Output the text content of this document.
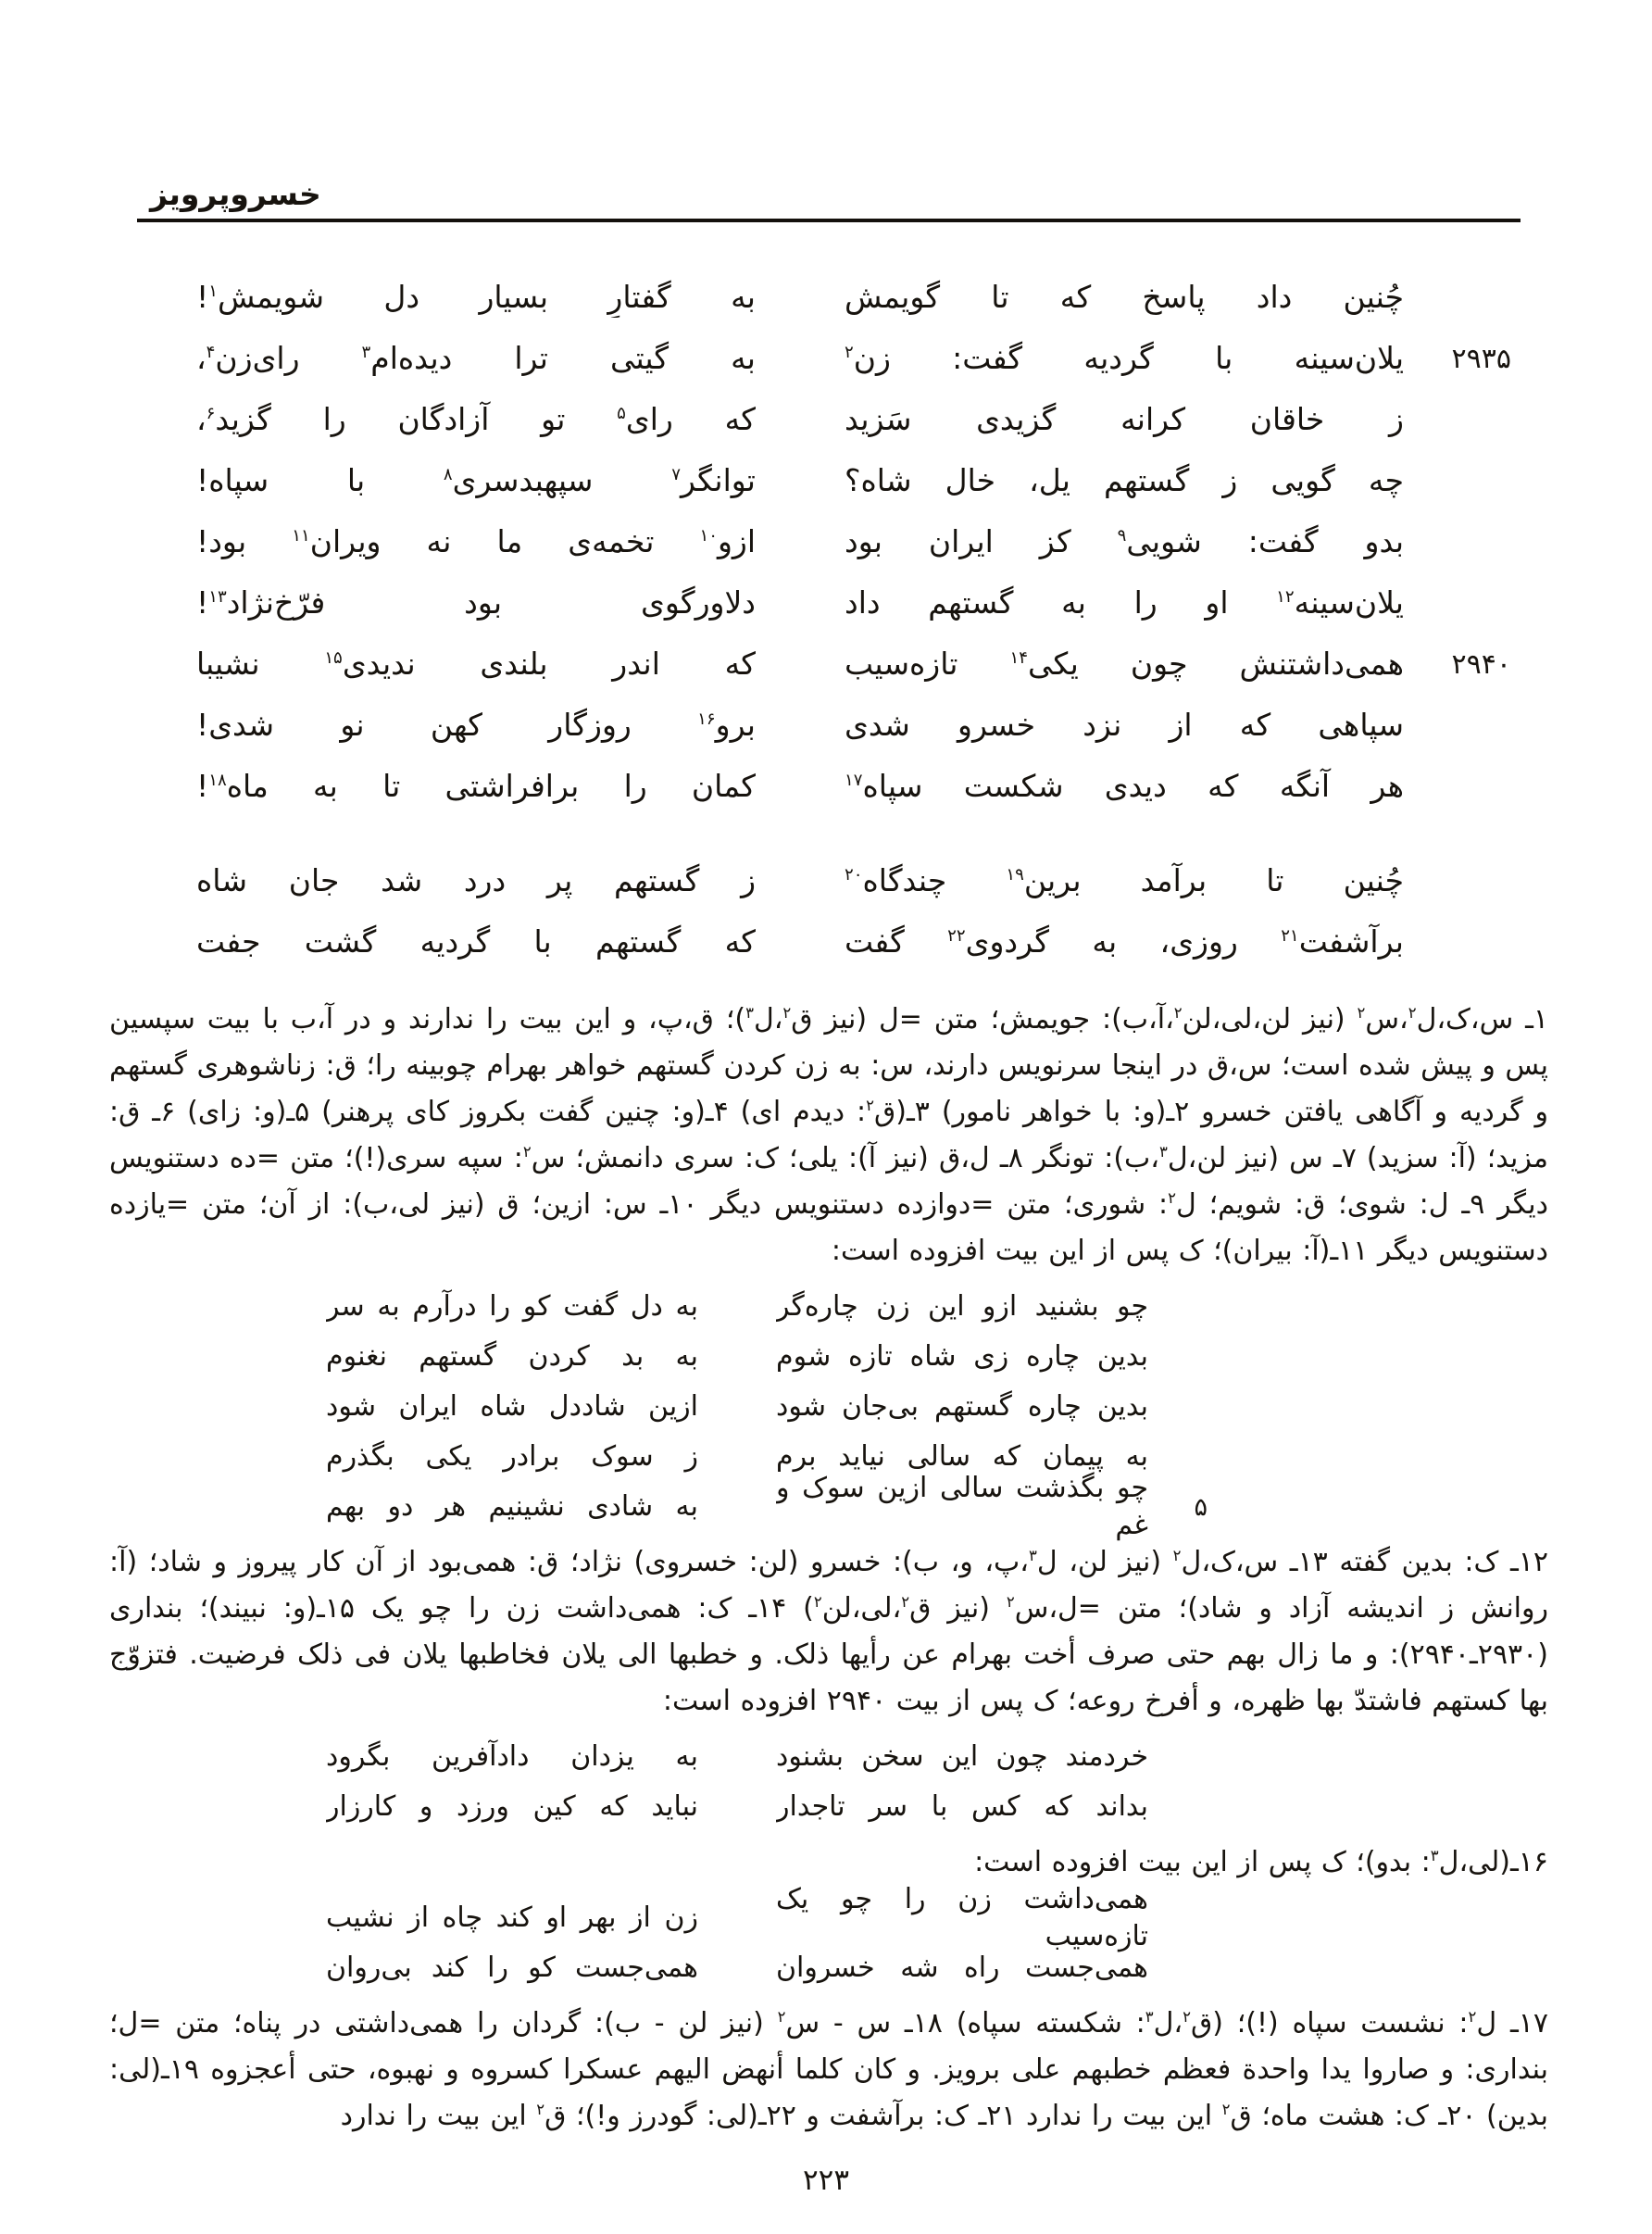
خسروپرویز
چُنین داد پاسخ که تا گویمش
به گفتارِ بسیار دل شویمش$^۱$!
۲۹۳۵
یلان‌سینه با گردیه گفت: زن$^۲$
به گیتی ترا دیده‌ام$^۳$ رای‌زن$^۴$،
ز خاقان کرانه گزیدی سَزید
که رای$^۵$ تو آزادگان را گزید$^۶$،
چه گویی ز گستهم یل، خال شاه؟
توانگر$^۷$ سپهبدسری$^۸$ با سپاه!
بدو گفت: شویی$^۹$ کز ایران بود
ازو$^{۱۰}$ تخمه‌ی ما نه ویران$^{۱۱}$ بود!
یلان‌سینه$^{۱۲}$ او را به گستهم داد
دلاورگوی بود فرّخ‌نژاد$^{۱۳}$!
۲۹۴۰
همی‌داشتنش چون یکی$^{۱۴}$ تازه‌سیب
که اندر بلندی ندیدی$^{۱۵}$ نشیبا
سپاهی که از نزد خسرو شدی
برو$^{۱۶}$ روزگار کهن نو شدی!
هر آنگه که دیدی شکست سپاه$^{۱۷}$
کمان را برافراشتی تا به ماه$^{۱۸}$!
چُنین تا برآمد برین$^{۱۹}$ چندگاه$^{۲۰}$
ز گستهم پر درد شد جان شاه
برآشفت$^{۲۱}$ روزی، به گردوی$^{۲۲}$ گفت
که گستهم با گردیه گشت جفت

۱ـ س،ک،ل$^۲$،س$^۲$ (نیز لن،لی،لن$^۲$،آ،ب): جویمش؛ متن =ل (نیز ق$^۲$،ل$^۳$)؛ ق،پ، و این بیت را ندارند و در آ،ب با بیت سپسین پس و پیش شده است؛ س،ق در اینجا سرنویس دارند، س: به زن کردن گستهم خواهر بهرام چوبینه را؛ ق: زناشوهری گستهم و گردیه و آگاهی یافتن خسرو ۲ـ(و: با خواهر نامور) ۳ـ(ق$^۲$: دیدم ای) ۴ـ(و: چنین گفت بکروز کای پرهنر) ۵ـ(و: زای) ۶ـ ق: مزید؛ (آ: سزید) ۷ـ س (نیز لن،ل$^۳$،ب): تونگر ۸ـ ل،ق (نیز آ): یلی؛ ک: سری دانمش؛ س$^۲$: سپه سری(!)؛ متن =ده دستنویس دیگر ۹ـ ل: شوی؛ ق: شویم؛ ل$^۲$: شوری؛ متن =دوازده دستنویس دیگر ۱۰ـ س: ازین؛ ق (نیز لی،ب): از آن؛ متن =یازده دستنویس دیگر ۱۱ـ(آ: بیران)؛ ک پس از این بیت افزوده است:

چو بشنید ازو این زن چاره‌گر
به دل گفت کو را درآرم به سر
بدین چاره زی شاه تازه شوم
به بد کردن گستهم نغنوم
بدین چاره گستهم بی‌جان شود
ازین شاددل شاه ایران شود
به پیمان که سالی نیاید برم
ز سوک برادر یکی بگذرم
۵
چو بگذشت سالی ازین سوک و غم
به شادی نشینیم هر دو بهم

۱۲ـ ک: بدین گفته ۱۳ـ س،ک،ل$^۲$ (نیز لن، ل$^۳$،پ، و، ب): خسرو (لن: خسروی) نژاد؛ ق: همی‌بود از آن کار پیروز و شاد؛ (آ: روانش ز اندیشه آزاد و شاد)؛ متن =ل،س$^۲$ (نیز ق$^۲$،لی،لن$^۲$) ۱۴ـ ک: همی‌داشت زن را چو یک ۱۵ـ(و: نبیند)؛ بنداری (۲۹۳۰ـ۲۹۴۰): و ما زال بهم حتی صرف أخت بهرام عن رأیها ذلک. و خطبها الی یلان فخاطبها یلان فی ذلک فرضیت. فتزوّج بها کستهم فاشتدّ بها ظهره، و أفرخ روعه؛ ک پس از بیت ۲۹۴۰ افزوده است:

خردمند چون این سخن بشنود
به یزدان دادآفرین بگرود
بداند که کس با سر تاجدار
نباید که کین ورزد و کارزار

۱۶ـ(لی،ل$^۳$: بدو)؛ ک پس از این بیت افزوده است:

همی‌داشت زن را چو یک تازه‌سیب
زن از بهر او کند چاه از نشیب
همی‌جست راه شه خسروان
همی‌جست کو را کند بی‌روان

۱۷ـ ل$^۲$: نشست سپاه (!)؛ (ق$^۲$،ل$^۳$: شکسته سپاه) ۱۸ـ س - س$^۲$ (نیز لن - ب): گردان را همی‌داشتی در پناه؛ متن =ل؛ بنداری: و صاروا یدا واحدة فعظم خطبهم علی برویز. و کان کلما أنهض الیهم عسکرا کسروه و نهبوه، حتی أعجزوه ۱۹ـ(لی: بدین) ۲۰ـ ک: هشت ماه؛ ق$^۲$ این بیت را ندارد ۲۱ـ ک: برآشفت و ۲۲ـ(لی: گودرز و!)؛ ق$^۲$ این بیت را ندارد

۲۲۳
